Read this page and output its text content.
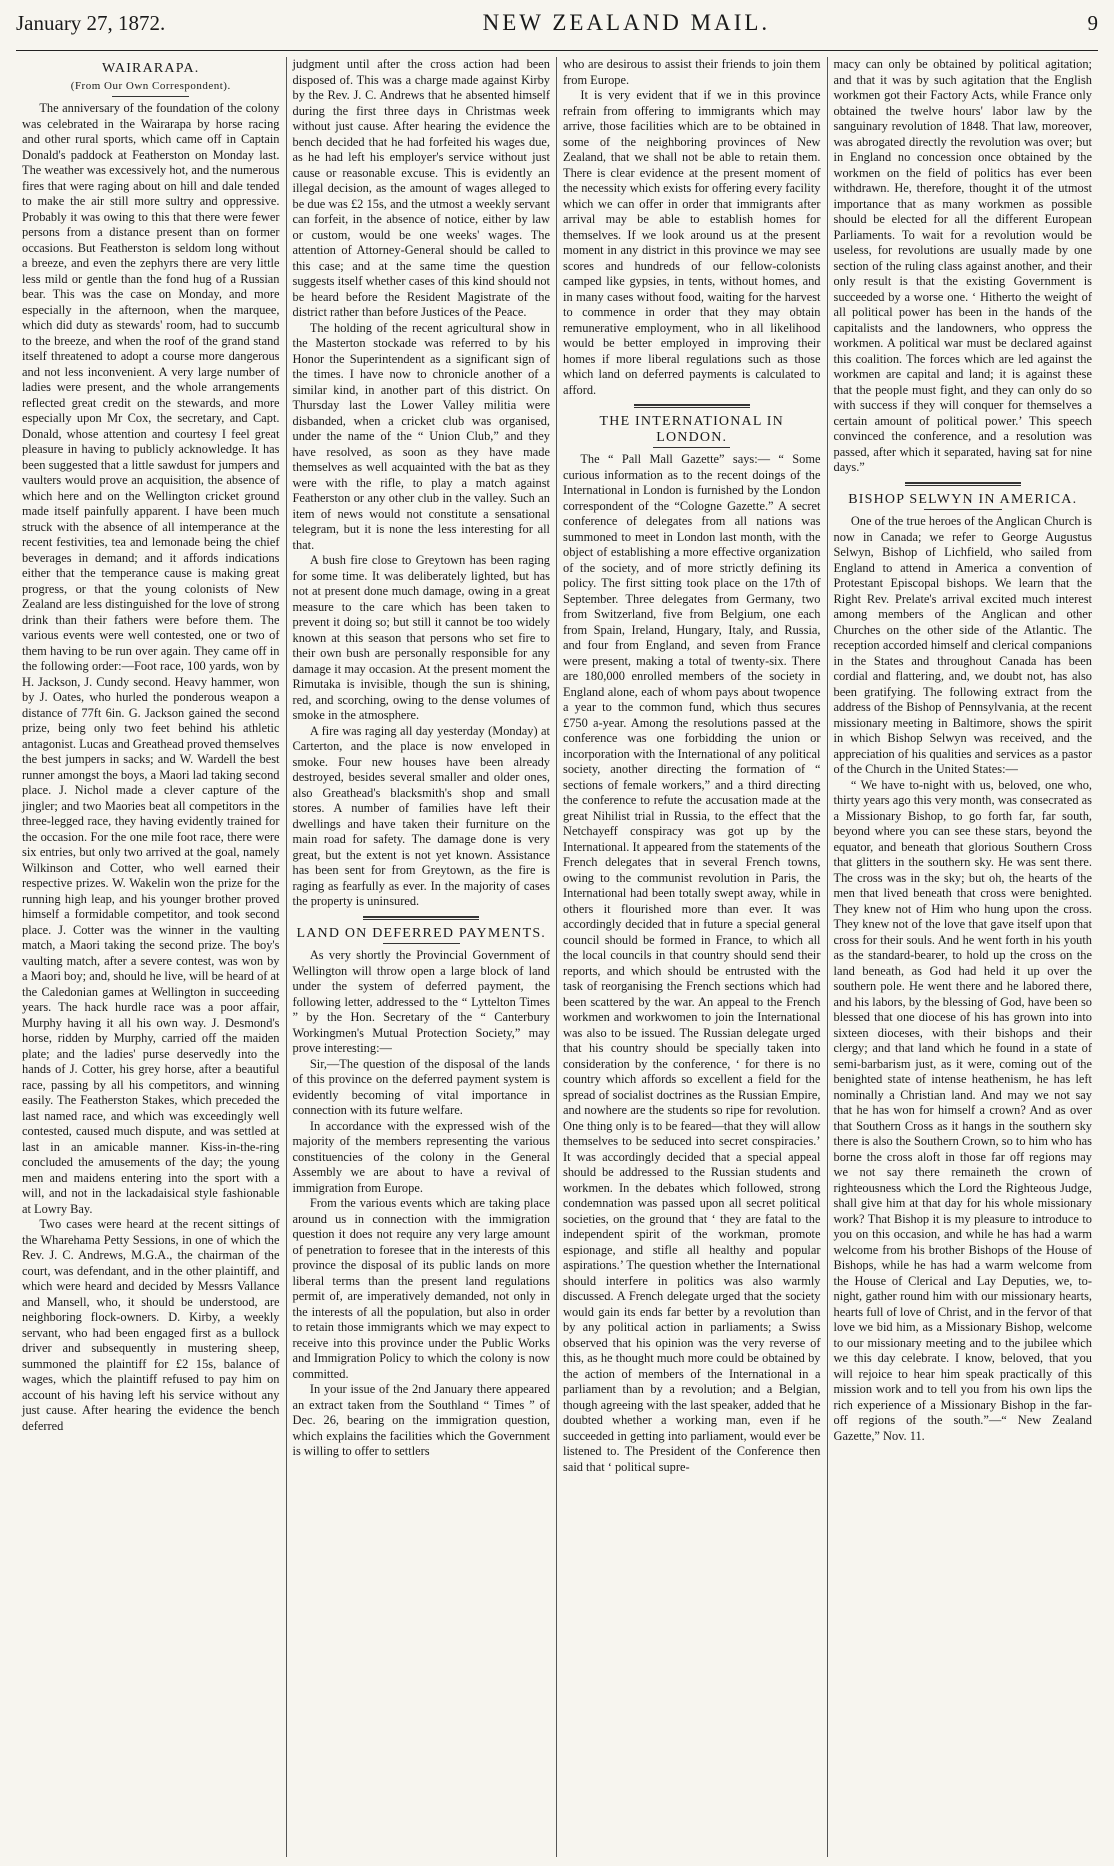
January 27, 1872.	NEW ZEALAND MAIL.	9
WAIRARAPA.
(From Our Own Correspondent).

The anniversary of the foundation of the colony was celebrated in the Wairarapa by horse racing and other rural sports, which came off in Captain Donald's paddock at Featherston on Monday last. The weather was excessively hot, and the numerous fires that were raging about on hill and dale tended to make the air still more sultry and oppressive. Probably it was owing to this that there were fewer persons from a distance present than on former occasions. But Featherston is seldom long without a breeze, and even the zephyrs there are very little less mild or gentle than the fond hug of a Russian bear. This was the case on Monday, and more especially in the afternoon, when the marquee, which did duty as stewards' room, had to succumb to the breeze, and when the roof of the grand stand itself threatened to adopt a course more dangerous and not less inconvenient. A very large number of ladies were present, and the whole arrangements reflected great credit on the stewards, and more especially upon Mr Cox, the secretary, and Capt. Donald, whose attention and courtesy I feel great pleasure in having to publicly acknowledge. It has been suggested that a little sawdust for jumpers and vaulters would prove an acquisition, the absence of which here and on the Wellington cricket ground made itself painfully apparent. I have been much struck with the absence of all intemperance at the recent festivities, tea and lemonade being the chief beverages in demand; and it affords indications either that the temperance cause is making great progress, or that the young colonists of New Zealand are less distinguished for the love of strong drink than their fathers were before them. The various events were well contested, one or two of them having to be run over again. They came off in the following order:—Foot race, 100 yards, won by H. Jackson, J. Cundy second. Heavy hammer, won by J. Oates, who hurled the ponderous weapon a distance of 77ft 6in. G. Jackson gained the second prize, being only two feet behind his athletic antagonist. Lucas and Greathead proved themselves the best jumpers in sacks; and W. Wardell the best runner amongst the boys, a Maori lad taking second place. J. Nichol made a clever capture of the jingler; and two Maories beat all competitors in the three-legged race, they having evidently trained for the occasion. For the one mile foot race, there were six entries, but only two arrived at the goal, namely Wilkinson and Cotter, who well earned their respective prizes. W. Wakelin won the prize for the running high leap, and his younger brother proved himself a formidable competitor, and took second place. J. Cotter was the winner in the vaulting match, a Maori taking the second prize. The boy's vaulting match, after a severe contest, was won by a Maori boy; and, should he live, will be heard of at the Caledonian games at Wellington in succeeding years. The hack hurdle race was a poor affair, Murphy having it all his own way. J. Desmond's horse, ridden by Murphy, carried off the maiden plate; and the ladies' purse deservedly into the hands of J. Cotter, his grey horse, after a beautiful race, passing by all his competitors, and winning easily. The Featherston Stakes, which preceded the last named race, and which was exceedingly well contested, caused much dispute, and was settled at last in an amicable manner. Kiss-in-the-ring concluded the amusements of the day; the young men and maidens entering into the sport with a will, and not in the lackadaisical style fashionable at Lowry Bay.

Two cases were heard at the recent sittings of the Wharehama Petty Sessions, in one of which the Rev. J. C. Andrews, M.G.A., the chairman of the court, was defendant, and in the other plaintiff, and which were heard and decided by Messrs Vallance and Mansell, who, it should be understood, are neighboring flock-owners. D. Kirby, a weekly servant, who had been engaged first as a bullock driver and subsequently in mustering sheep, summoned the plaintiff for £2 15s, balance of wages, which the plaintiff refused to pay him on account of his having left his service without any just cause. After hearing the evidence the bench deferred

judgment until after the cross action had been disposed of. This was a charge made against Kirby by the Rev. J. C. Andrews that he absented himself during the first three days in Christmas week without just cause. After hearing the evidence the bench decided that he had forfeited his wages due, as he had left his employer's service without just cause or reasonable excuse. This is evidently an illegal decision, as the amount of wages alleged to be due was £2 15s, and the utmost a weekly servant can forfeit, in the absence of notice, either by law or custom, would be one weeks' wages. The attention of Attorney-General should be called to this case; and at the same time the question suggests itself whether cases of this kind should not be heard before the Resident Magistrate of the district rather than before Justices of the Peace.

The holding of the recent agricultural show in the Masterton stockade was referred to by his Honor the Superintendent as a significant sign of the times. I have now to chronicle another of a similar kind, in another part of this district. On Thursday last the Lower Valley militia were disbanded, when a cricket club was organised, under the name of the “ Union Club,” and they have resolved, as soon as they have made themselves as well acquainted with the bat as they were with the rifle, to play a match against Featherston or any other club in the valley. Such an item of news would not constitute a sensational telegram, but it is none the less interesting for all that.

A bush fire close to Greytown has been raging for some time. It was deliberately lighted, but has not at present done much damage, owing in a great measure to the care which has been taken to prevent it doing so; but still it cannot be too widely known at this season that persons who set fire to their own bush are personally responsible for any damage it may occasion. At the present moment the Rimutaka is invisible, though the sun is shining, red, and scorching, owing to the dense volumes of smoke in the atmosphere.

A fire was raging all day yesterday (Monday) at Carterton, and the place is now enveloped in smoke. Four new houses have been already destroyed, besides several smaller and older ones, also Greathead's blacksmith's shop and small stores. A number of families have left their dwellings and have taken their furniture on the main road for safety. The damage done is very great, but the extent is not yet known. Assistance has been sent for from Greytown, as the fire is raging as fearfully as ever. In the majority of cases the property is uninsured.

LAND ON DEFERRED PAYMENTS.

As very shortly the Provincial Government of Wellington will throw open a large block of land under the system of deferred payment, the following letter, addressed to the “ Lyttelton Times ” by the Hon. Secretary of the “ Canterbury Workingmen's Mutual Protection Society,” may prove interesting:—

Sir,—The question of the disposal of the lands of this province on the deferred payment system is evidently becoming of vital importance in connection with its future welfare.

In accordance with the expressed wish of the majority of the members representing the various constituencies of the colony in the General Assembly we are about to have a revival of immigration from Europe.

From the various events which are taking place around us in connection with the immigration question it does not require any very large amount of penetration to foresee that in the interests of this province the disposal of its public lands on more liberal terms than the present land regulations permit of, are imperatively demanded, not only in the interests of all the population, but also in order to retain those immigrants which we may expect to receive into this province under the Public Works and Immigration Policy to which the colony is now committed.

In your issue of the 2nd January there appeared an extract taken from the Southland “ Times ” of Dec. 26, bearing on the immigration question, which explains the facilities which the Government is willing to offer to settlers

who are desirous to assist their friends to join them from Europe.

It is very evident that if we in this province refrain from offering to immigrants which may arrive, those facilities which are to be obtained in some of the neighboring provinces of New Zealand, that we shall not be able to retain them. There is clear evidence at the present moment of the necessity which exists for offering every facility which we can offer in order that immigrants after arrival may be able to establish homes for themselves. If we look around us at the present moment in any district in this province we may see scores and hundreds of our fellow-colonists camped like gypsies, in tents, without homes, and in many cases without food, waiting for the harvest to commence in order that they may obtain remunerative employment, who in all likelihood would be better employed in improving their homes if more liberal regulations such as those which land on deferred payments is calculated to afford.

THE INTERNATIONAL IN LONDON.

The “ Pall Mall Gazette” says:— “ Some curious information as to the recent doings of the International in London is furnished by the London correspondent of the “Cologne Gazette.” A secret conference of delegates from all nations was summoned to meet in London last month, with the object of establishing a more effective organization of the society, and of more strictly defining its policy. The first sitting took place on the 17th of September. Three delegates from Germany, two from Switzerland, five from Belgium, one each from Spain, Ireland, Hungary, Italy, and Russia, and four from England, and seven from France were present, making a total of twenty-six. There are 180,000 enrolled members of the society in England alone, each of whom pays about twopence a year to the common fund, which thus secures £750 a-year. Among the resolutions passed at the conference was one forbidding the union or incorporation with the International of any political society, another directing the formation of “ sections of female workers,” and a third directing the conference to refute the accusation made at the great Nihilist trial in Russia, to the effect that the Netchayeff conspiracy was got up by the International. It appeared from the statements of the French delegates that in several French towns, owing to the communist revolution in Paris, the International had been totally swept away, while in others it flourished more than ever. It was accordingly decided that in future a special general council should be formed in France, to which all the local councils in that country should send their reports, and which should be entrusted with the task of reorganising the French sections which had been scattered by the war. An appeal to the French workmen and workwomen to join the International was also to be issued. The Russian delegate urged that his country should be specially taken into consideration by the conference, ‘ for there is no country which affords so excellent a field for the spread of socialist doctrines as the Russian Empire, and nowhere are the students so ripe for revolution. One thing only is to be feared—that they will allow themselves to be seduced into secret conspiracies.’ It was accordingly decided that a special appeal should be addressed to the Russian students and workmen. In the debates which followed, strong condemnation was passed upon all secret political societies, on the ground that ‘ they are fatal to the independent spirit of the workman, promote espionage, and stifle all healthy and popular aspirations.’ The question whether the International should interfere in politics was also warmly discussed. A French delegate urged that the society would gain its ends far better by a revolution than by any political action in parliaments; a Swiss observed that his opinion was the very reverse of this, as he thought much more could be obtained by the action of members of the International in a parliament than by a revolution; and a Belgian, though agreeing with the last speaker, added that he doubted whether a working man, even if he succeeded in getting into parliament, would ever be listened to. The President of the Conference then said that ‘ political supre-

macy can only be obtained by political agitation; and that it was by such agitation that the English workmen got their Factory Acts, while France only obtained the twelve hours' labor law by the sanguinary revolution of 1848. That law, moreover, was abrogated directly the revolution was over; but in England no concession once obtained by the workmen on the field of politics has ever been withdrawn. He, therefore, thought it of the utmost importance that as many workmen as possible should be elected for all the different European Parliaments. To wait for a revolution would be useless, for revolutions are usually made by one section of the ruling class against another, and their only result is that the existing Government is succeeded by a worse one. ‘ Hitherto the weight of all political power has been in the hands of the capitalists and the landowners, who oppress the workmen. A political war must be declared against this coalition. The forces which are led against the workmen are capital and land; it is against these that the people must fight, and they can only do so with success if they will conquer for themselves a certain amount of political power.’ This speech convinced the conference, and a resolution was passed, after which it separated, having sat for nine days.”

BISHOP SELWYN IN AMERICA.

One of the true heroes of the Anglican Church is now in Canada; we refer to George Augustus Selwyn, Bishop of Lichfield, who sailed from England to attend in America a convention of Protestant Episcopal bishops. We learn that the Right Rev. Prelate's arrival excited much interest among members of the Anglican and other Churches on the other side of the Atlantic. The reception accorded himself and clerical companions in the States and throughout Canada has been cordial and flattering, and, we doubt not, has also been gratifying. The following extract from the address of the Bishop of Pennsylvania, at the recent missionary meeting in Baltimore, shows the spirit in which Bishop Selwyn was received, and the appreciation of his qualities and services as a pastor of the Church in the United States:—

“ We have to-night with us, beloved, one who, thirty years ago this very month, was consecrated as a Missionary Bishop, to go forth far, far south, beyond where you can see these stars, beyond the equator, and beneath that glorious Southern Cross that glitters in the southern sky. He was sent there. The cross was in the sky; but oh, the hearts of the men that lived beneath that cross were benighted. They knew not of Him who hung upon the cross. They knew not of the love that gave itself upon that cross for their souls. And he went forth in his youth as the standard-bearer, to hold up the cross on the land beneath, as God had held it up over the southern pole. He went there and he labored there, and his labors, by the blessing of God, have been so blessed that one diocese of his has grown into into sixteen dioceses, with their bishops and their clergy; and that land which he found in a state of semi-barbarism just, as it were, coming out of the benighted state of intense heathenism, he has left nominally a Christian land. And may we not say that he has won for himself a crown? And as over that Southern Cross as it hangs in the southern sky there is also the Southern Crown, so to him who has borne the cross aloft in those far off regions may we not say there remaineth the crown of righteousness which the Lord the Righteous Judge, shall give him at that day for his whole missionary work? That Bishop it is my pleasure to introduce to you on this occasion, and while he has had a warm welcome from his brother Bishops of the House of Bishops, while he has had a warm welcome from the House of Clerical and Lay Deputies, we, to-night, gather round him with our missionary hearts, hearts full of love of Christ, and in the fervor of that love we bid him, as a Missionary Bishop, welcome to our missionary meeting and to the jubilee which we this day celebrate. I know, beloved, that you will rejoice to hear him speak practically of this mission work and to tell you from his own lips the rich experience of a Missionary Bishop in the far-off regions of the south.”—“ New Zealand Gazette,” Nov. 11.
